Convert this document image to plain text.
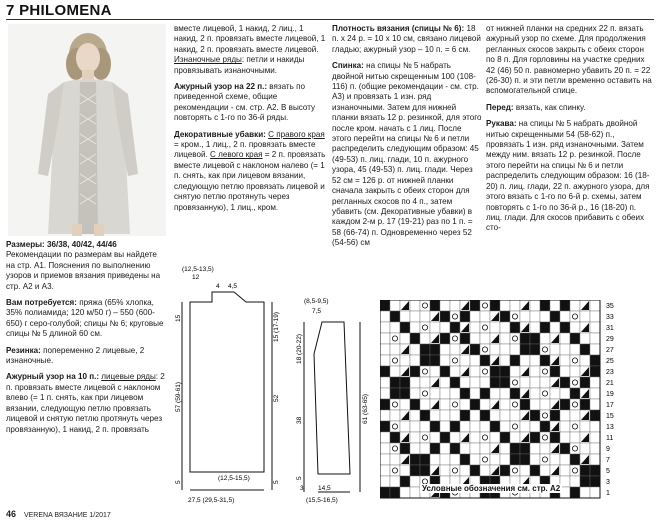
7 PHILOMENA
Размеры: 36/38, 40/42, 44/46 Рекомендации по размерам вы найдете на стр. А1. Пояснения по выполнению узоров и приемов вязания приведены на стр. А2 и А3.
Вам потребуется: пряжа (65% хлопка, 35% полиамида; 120 м/50 г) – 550 (600-650) г серо-голубой; спицы № 6; круговые спицы № 5 длиной 60 см.
Резинка: попеременно 2 лицевые, 2 изнаночные.
Ажурный узор на 10 п.: лицевые ряды: 2 п. провязать вместе лицевой с наклоном влево (= 1 п. снять, как при лицевом вязании, следующую петлю провязать лицевой и снятую петлю протянуть через провязанную), 1 накид, 2 п. провязать
вместе лицевой, 1 накид, 2 лиц., 1 накид, 2 п. провязать вместе лицевой, 1 накид, 2 п. провязать вместе лицевой. Изнаночные ряды: петли и накиды провязывать изнаночными.
Ажурный узор на 22 п.: вязать по приведенной схеме, общие рекомендации - см. стр. А2. В высоту повторять с 1-го по 36-й ряды.
Декоративные убавки: С правого края = кром., 1 лиц., 2 п. провязать вместе лицевой. С левого края = 2 п. провязать вместе лицевой с наклоном налево (= 1 п. снять, как при лицевом вязании, следующую петлю провязать лицевой и снятую петлю протянуть через провязанную), 1 лиц., кром.
Плотность вязания (спицы № 6): 18 п. х 24 р. = 10 х 10 см, связано лицевой гладью; ажурный узор – 10 п. = 6 см.
Спинка: на спицы № 5 набрать двойной нитью скрещенным 100 (108-116) п. (общие рекомендации - см. стр. А3) и провязать 1 изн. ряд изнаночными. Затем для нижней планки вязать 12 р. резинкой, для этого после кром. начать с 1 лиц. После этого перейти на спицы № 6 и петли распределить следующим образом: 45 (49-53) п. лиц. глади, 10 п. ажурного узора, 45 (49-53) п. лиц. глади. Через 52 см = 126 р. от нижней планки сначала закрыть с обеих сторон для регланных скосов по 4 п., затем убавить (см. Декоративные убавки) в каждом 2-м р. 17 (19-21) раз по 1 п. = 58 (66-74) п. Одновременно через 52 (54-56) см
от нижней планки на средних 22 п. вязать ажурный узор по схеме. Для продолжения регланных скосов закрыть с обеих сторон по 8 п. Для горловины на участке средних 42 (46) 50 п. равномерно убавить 20 п. = 22 (26-30) п. и эти петли временно оставить на вспомогательной спице.
Перед: вязать, как спинку.
Рукава: на спицы № 5 набрать двойной нитью скрещенными 54 (58-62) п., провязать 1 изн. ряд изнаночными. Затем между ним. вязать 12 р. резинкой. После этого перейти на спицы № 6 и петли распределить следующим образом: 16 (18-20) п. лиц. глади, 22 п. ажурного узора, для этого вязать с 1-го по 6-й р. схемы, затем повторять с 1-го по 36-й р., 16 (18-20) п. лиц. глади. Для скосов прибавить с обеих сто-
(12,5-13,5)
12
4 4,5
(12,5-15,5)
27,5 (29,5-31,5)
15
57 (59-61)
5
15 (17-19)
52
5
(8,5-9,5)
7,5
3 14,5
(15,5-16,5)
18 (20-22)
38
5
61 (63-65)
35
33
31
29
27
25
23
21
19
17
15
13
11
9
7
5
3
1
Условные обозначения см. стр. А2
46 VERENA ВЯЗАНИЕ 1/2017
